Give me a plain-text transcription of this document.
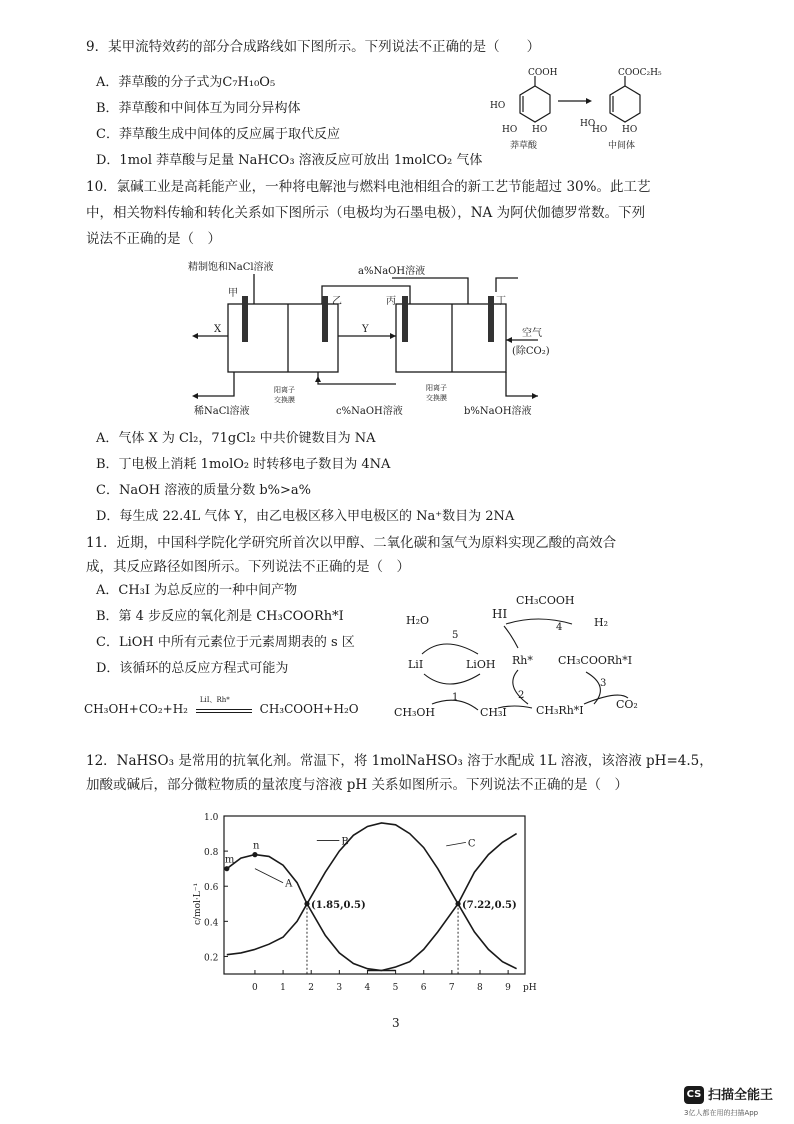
9．某甲流特效药的部分合成路线如下图所示。下列说法不正确的是（　　）
A．莽草酸的分子式为C₇H₁₀O₅
B．莽草酸和中间体互为同分异构体
C．莽草酸生成中间体的反应属于取代反应
D．1mol 莽草酸与足量 NaHCO₃ 溶液反应可放出 1molCO₂ 气体
COOH
HO
HO HO
COOC₂H₅
HO
HO HO
莽草酸	中间体
10．氯碱工业是高耗能产业，一种将电解池与燃料电池相组合的新工艺节能超过 30%。此工艺
中，相关物料传输和转化关系如下图所示（电极均为石墨电极），NA 为阿伏伽德罗常数。下列
说法不正确的是（　）
精制饱和NaCl溶液	a%NaOH溶液
甲
乙	丙	丁
X	Y	空气
(除CO₂)
阳离子
交换膜
阳离子
交换膜
稀NaCl溶液	c%NaOH溶液	b%NaOH溶液
A．气体 X 为 Cl₂，71gCl₂ 中共价键数目为 NA
B．丁电极上消耗 1molO₂ 时转移电子数目为 4NA
C．NaOH 溶液的质量分数 b%>a%
D．每生成 22.4L 气体 Y，由乙电极区移入甲电极区的 Na⁺数目为 2NA
11．近期，中国科学院化学研究所首次以甲醇、二氧化碳和氢气为原料实现乙酸的高效合
成，其反应路径如图所示。下列说法不正确的是（　）
A．CH₃I 为总反应的一种中间产物
B．第 4 步反应的氧化剂是 CH₃COORh*I
C．LiOH 中所有元素位于元素周期表的 s 区
D．该循环的总反应方程式可能为
CH₃OH+CO₂+H₂
LiI、Rh*
CH₃COOH+H₂O
H₂O	HI
CH₃COOH
H₂
LiI	LiOH Rh* CH₃COORh*I
CH₃OH	CH₃I	CH₃Rh*I	CO₂
5
4
3
2
1
12．NaHSO₃ 是常用的抗氧化剂。常温下，将 1molNaHSO₃ 溶于水配成 1L 溶液，该溶液 pH=4.5，
加酸或碱后，部分微粒物质的量浓度与溶液 pH 关系如图所示。下列说法不正确的是（　）
0.2
0.4
0.6
0.8
1.0
0 1 2 3 4 5 6 7 8 9 pH
c/mol·L⁻¹	A
B	C
m
n
(1.85,0.5)	(7.22,0.5)
3
CS 扫描全能王
3亿人都在用的扫描App
